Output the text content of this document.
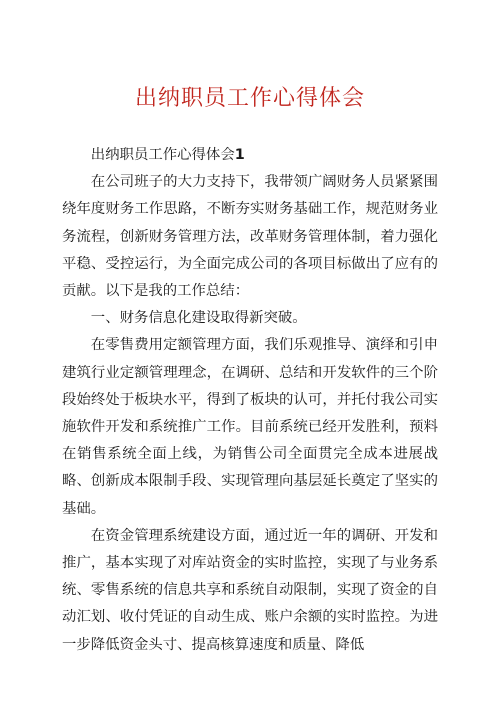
出纳职员工作心得体会

出纳职员工作心得体会1

在公司班子的大力支持下，我带领广阔财务人员紧紧围绕年度财务工作思路，不断夯实财务基础工作，规范财务业务流程，创新财务管理方法，改革财务管理体制，着力强化平稳、受控运行，为全面完成公司的各项目标做出了应有的贡献。以下是我的工作总结：

一、财务信息化建设取得新突破。

在零售费用定额管理方面，我们乐观推导、演绎和引申建筑行业定额管理理念，在调研、总结和开发软件的三个阶段始终处于板块水平，得到了板块的认可，并托付我公司实施软件开发和系统推广工作。目前系统已经开发胜利，预料在销售系统全面上线，为销售公司全面贯完全成本进展战略、创新成本限制手段、实现管理向基层延长奠定了坚实的基础。

在资金管理系统建设方面，通过近一年的调研、开发和推广，基本实现了对库站资金的实时监控，实现了与业务系统、零售系统的信息共享和系统自动限制，实现了资金的自动汇划、收付凭证的自动生成、账户余额的实时监控。为进一步降低资金头寸、提高核算速度和质量、降低
